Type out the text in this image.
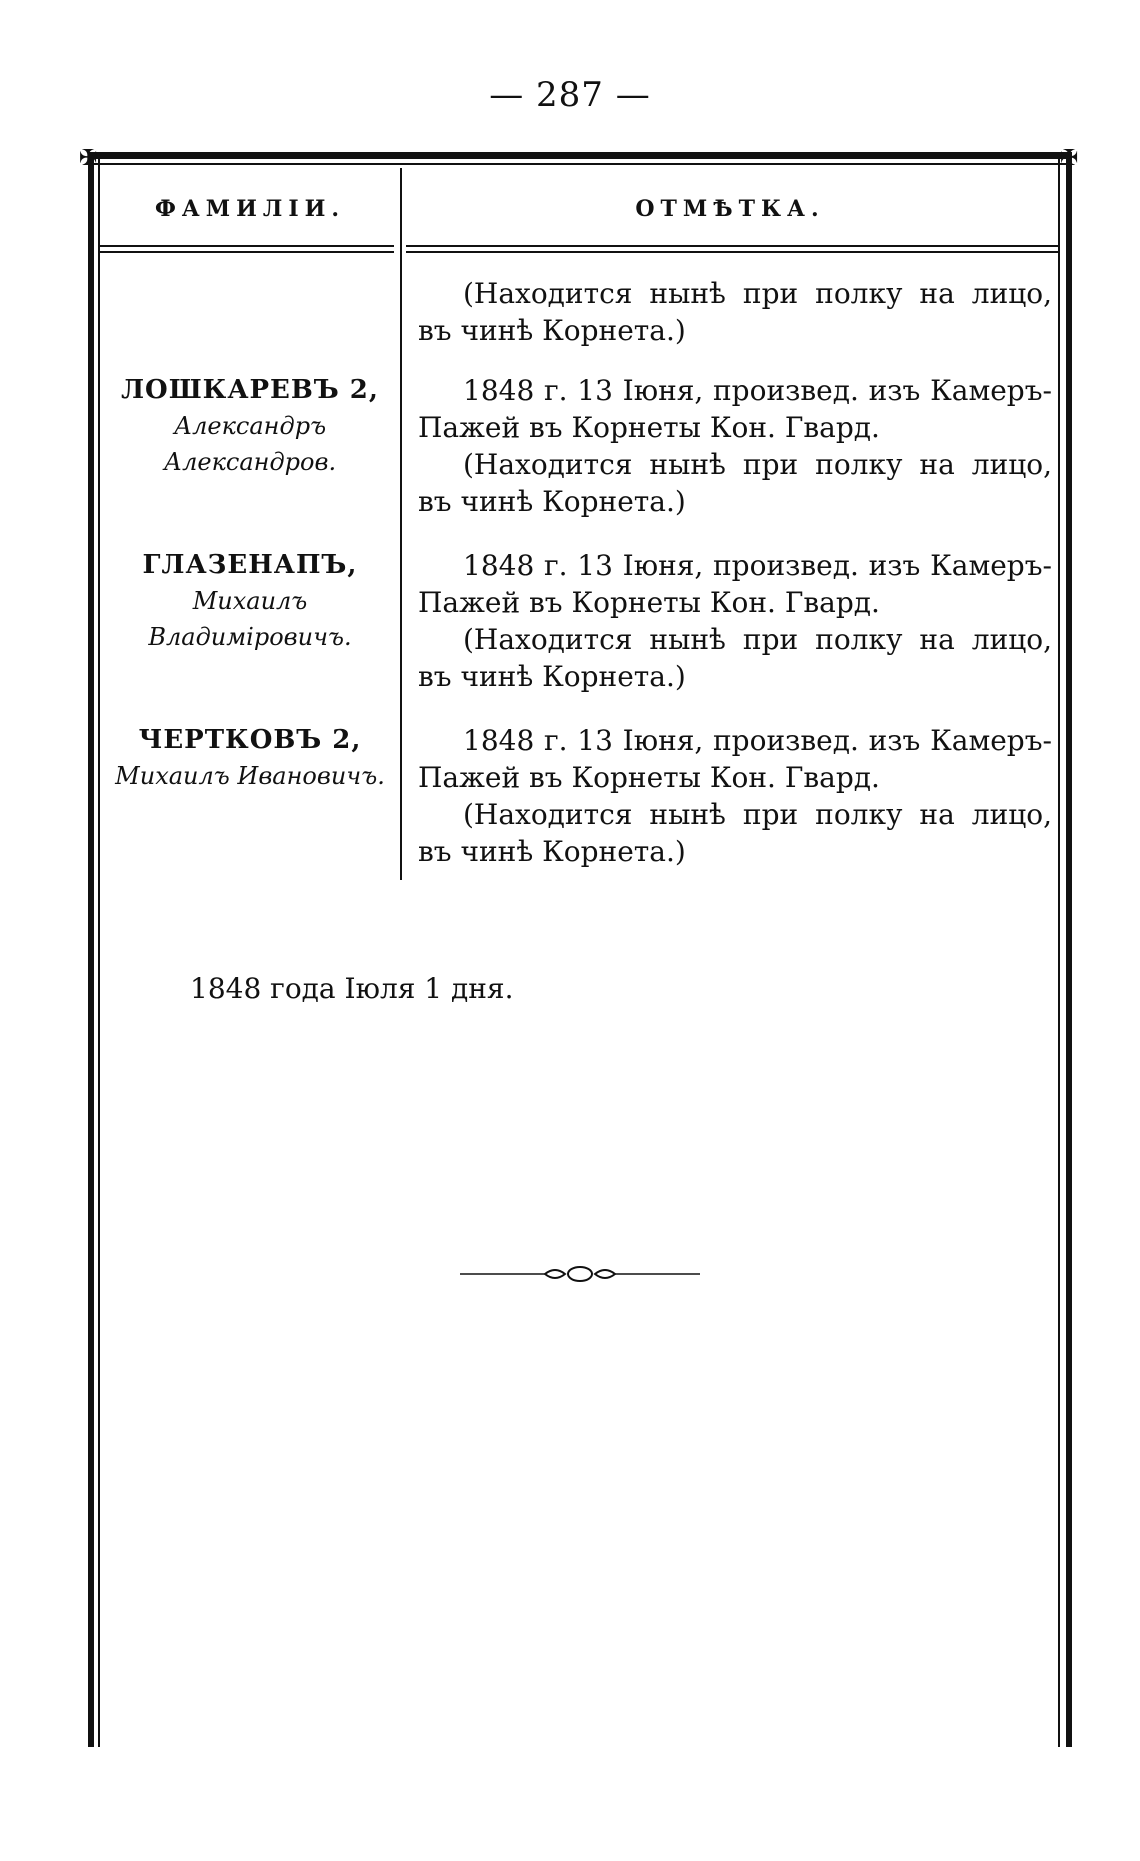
— 287 —
✠	✠
ФАМИЛІИ.	ОТМѢТКА.

(Находится нынѣ при полку на лицо, въ чинѣ Корнета.)

ЛОШКАРЕВЪ 2,
Александръ Александров.

1848 г. 13 Іюня, произвед. изъ Камеръ-Пажей въ Корнеты Кон. Гвард.

(Находится нынѣ при полку на лицо, въ чинѣ Корнета.)

ГЛАЗЕНАПЪ,
Михаилъ Владимiровичъ.

1848 г. 13 Іюня, произвед. изъ Камеръ-Пажей въ Корнеты Кон. Гвард.

(Находится нынѣ при полку на лицо, въ чинѣ Корнета.)

ЧЕРТКОВЪ 2,
Михаилъ Ивановичъ.

1848 г. 13 Іюня, произвед. изъ Камеръ-Пажей въ Корнеты Кон. Гвард.

(Находится нынѣ при полку на лицо, въ чинѣ Корнета.)

1848 года Іюля 1 дня.
